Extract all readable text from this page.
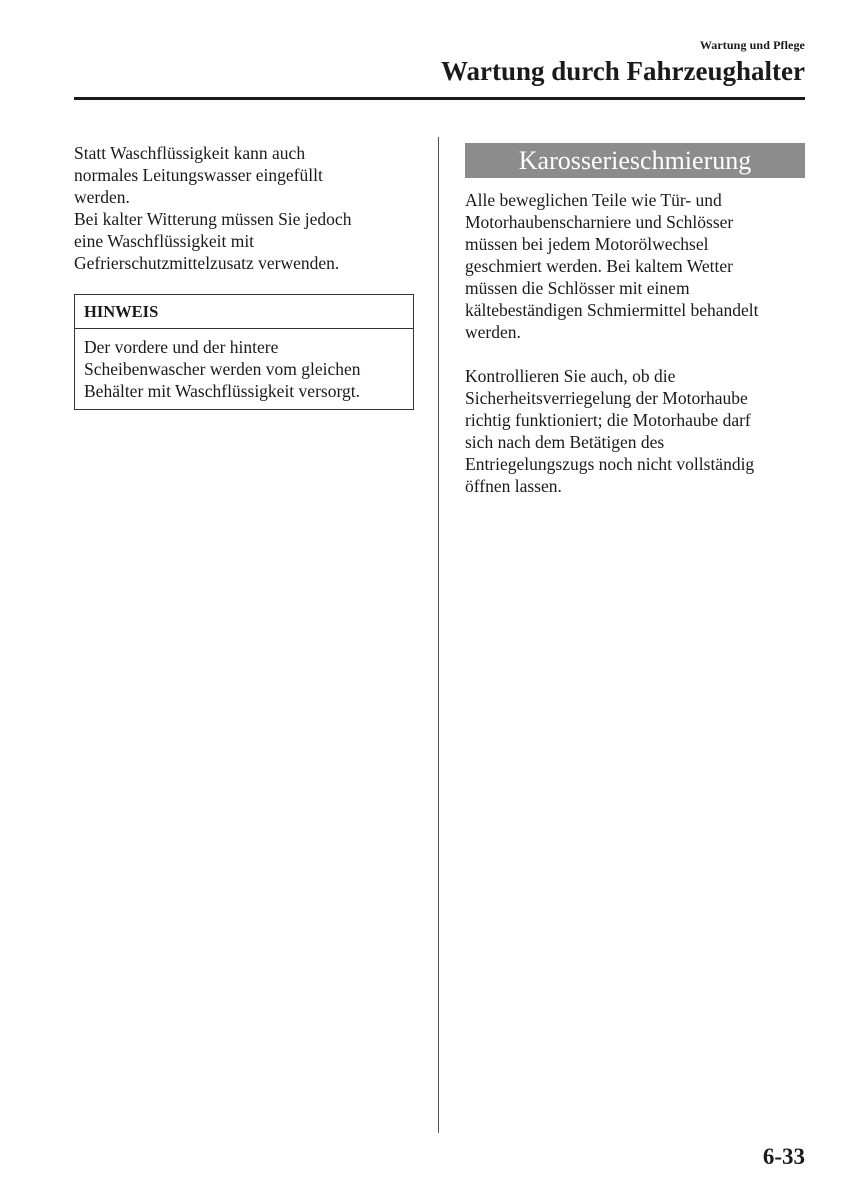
Wartung und Pflege
Wartung durch Fahrzeughalter

Statt Waschflüssigkeit kann auch
normales Leitungswasser eingefüllt
werden.
Bei kalter Witterung müssen Sie jedoch
eine Waschflüssigkeit mit
Gefrierschutzmittelzusatz verwenden.

HINWEIS
Der vordere und der hintere
Scheibenwascher werden vom gleichen
Behälter mit Waschflüssigkeit versorgt.
Karosserieschmierung

Alle beweglichen Teile wie Tür- und
Motorhaubenscharniere und Schlösser
müssen bei jedem Motorölwechsel
geschmiert werden. Bei kaltem Wetter
müssen die Schlösser mit einem
kältebeständigen Schmiermittel behandelt
werden.

Kontrollieren Sie auch, ob die
Sicherheitsverriegelung der Motorhaube
richtig funktioniert; die Motorhaube darf
sich nach dem Betätigen des
Entriegelungszugs noch nicht vollständig
öffnen lassen.

6-33
